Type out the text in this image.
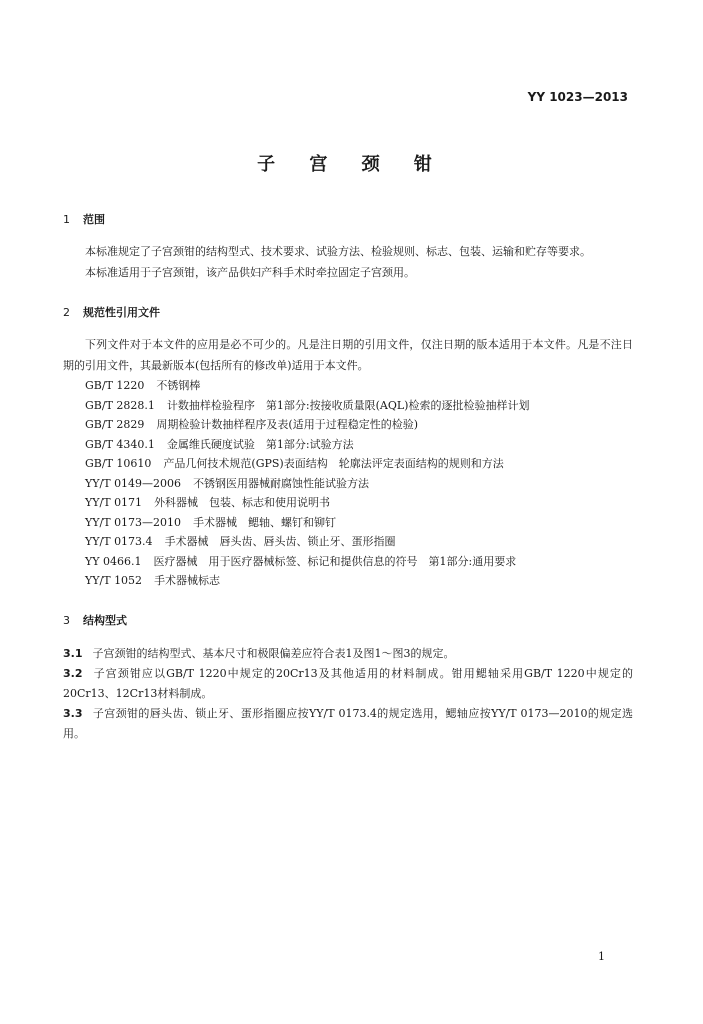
YY 1023—2013
子 宫 颈 钳
1 范围

本标准规定了子宫颈钳的结构型式、技术要求、试验方法、检验规则、标志、包装、运输和贮存等要求。

本标准适用于子宫颈钳，该产品供妇产科手术时牵拉固定子宫颈用。

2 规范性引用文件

下列文件对于本文件的应用是必不可少的。凡是注日期的引用文件，仅注日期的版本适用于本文件。凡是不注日期的引用文件，其最新版本(包括所有的修改单)适用于本文件。

GB/T 1220 不锈钢棒
GB/T 2828.1 计数抽样检验程序　第1部分:按接收质量限(AQL)检索的逐批检验抽样计划
GB/T 2829 周期检验计数抽样程序及表(适用于过程稳定性的检验)
GB/T 4340.1 金属维氏硬度试验　第1部分:试验方法
GB/T 10610 产品几何技术规范(GPS)表面结构　轮廓法评定表面结构的规则和方法
YY/T 0149—2006 不锈钢医用器械耐腐蚀性能试验方法
YY/T 0171 外科器械　包装、标志和使用说明书
YY/T 0173—2010 手术器械　鳃轴、螺钉和铆钉
YY/T 0173.4 手术器械　唇头齿、唇头齿、锁止牙、蛋形指圈
YY 0466.1 医疗器械　用于医疗器械标签、标记和提供信息的符号　第1部分:通用要求
YY/T 1052 手术器械标志
3 结构型式

3.1 子宫颈钳的结构型式、基本尺寸和极限偏差应符合表1及图1～图3的规定。

3.2 子宫颈钳应以GB/T 1220中规定的20Cr13及其他适用的材料制成。钳用鳃轴采用GB/T 1220中规定的20Cr13、12Cr13材料制成。

3.3 子宫颈钳的唇头齿、锁止牙、蛋形指圈应按YY/T 0173.4的规定选用，鳃轴应按YY/T 0173—2010的规定选用。

1
